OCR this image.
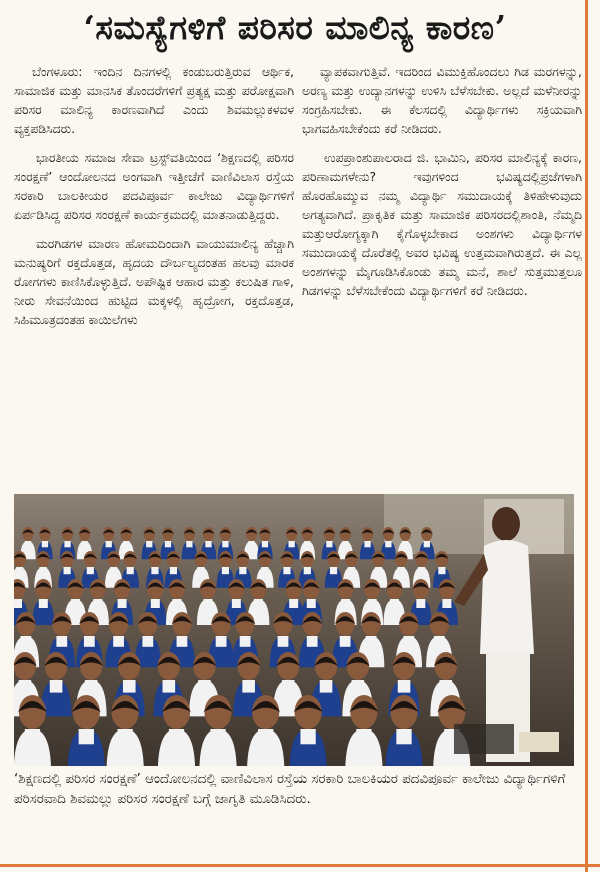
‘ಸಮಸ್ಯೆಗಳಿಗೆ ಪರಿಸರ ಮಾಲಿನ್ಯ ಕಾರಣ’

ಬೆಂಗಳೂರು: ಇಂದಿನ ದಿನಗಳಲ್ಲಿ ಕಂಡುಬರುತ್ತಿರುವ ಆರ್ಥಿಕ, ಸಾಮಾಜಿಕ ಮತ್ತು ಮಾನಸಿಕ ತೊಂದರೆಗಳಿಗೆ ಪ್ರತ್ಯಕ್ಷ ಮತ್ತು ಪರೋಕ್ಷವಾಗಿ ಪರಿಸರ ಮಾಲಿನ್ಯ ಕಾರಣವಾಗಿದೆ ಎಂದು ಶಿವಮಲ್ಲುಕಳವಳ ವ್ಯಕ್ತಪಡಿಸಿದರು.

ಭಾರತೀಯ ಸಮಾಜ ಸೇವಾ ಟ್ರಸ್ಟ್‌ವತಿಯಿಂದ ‘ಶಿಕ್ಷಣದಲ್ಲಿ ಪರಿಸರ ಸಂರಕ್ಷಣೆ’ ಆಂದೋಲನದ ಅಂಗವಾಗಿ ಇತ್ತೀಚೆಗೆ ವಾಣಿವಿಲಾಸ ರಸ್ತೆಯ ಸರಕಾರಿ ಬಾಲಕೀಯರ ಪದವಿಪೂರ್ವ ಕಾಲೇಜು ವಿದ್ಯಾರ್ಥಿಗಳಿಗೆ ಏರ್ಪಡಿಸಿದ್ದ ಪರಿಸರ ಸಂರಕ್ಷಣೆ ಕಾರ್ಯಕ್ರಮದಲ್ಲಿ ಮಾತನಾಡುತ್ತಿದ್ದರು.

ಮರಗಿಡಗಳ ಮಾರಣ ಹೋಮದಿಂದಾಗಿ ವಾಯುಮಾಲಿನ್ಯ ಹೆಚ್ಚಾಗಿ ಮನುಷ್ಯರಿಗೆ ರಕ್ತದೊತ್ತಡ, ಹೃದಯ ದೌರ್ಬಲ್ಯದಂತಹ ಹಲವು ಮಾರಕ ರೋಗಗಳು ಕಾಣಿಸಿಕೊಳ್ಳುತ್ತಿದೆ. ಅಪೌಷ್ಟಿಕ ಆಹಾರ ಮತ್ತು ಕಲುಷಿತ ಗಾಳಿ, ನೀರು ಸೇವನೆಯಿಂದ ಹುಟ್ಟಿದ ಮಕ್ಕಳಲ್ಲಿ ಹೃದ್ರೋಗ, ರಕ್ತದೊತ್ತಡ, ಸಿಹಿಮೂತ್ರದಂತಹ ಕಾಯಿಲೆಗಳು

ವ್ಯಾಪಕವಾಗುತ್ತಿವೆ. ಇದರಿಂದ ವಿಮುಕ್ತಿಹೊಂದಲು ಗಿಡ ಮರಗಳನ್ನು, ಅರಣ್ಯ ಮತ್ತು ಉದ್ಯಾನಗಳನ್ನು ಉಳಿಸಿ ಬೆಳೆಸಬೇಕು. ಅಲ್ಲದೆ ಮಳೆನೀರನ್ನು ಸಂಗ್ರಹಿಸಬೇಕು. ಈ ಕೆಲಸದಲ್ಲಿ ವಿದ್ಯಾರ್ಥಿಗಳು ಸಕ್ರಿಯವಾಗಿ ಭಾಗವಹಿಸಬೇಕೆಂದು ಕರೆ ನೀಡಿದರು.

ಉಪಪ್ರಾಂಶುಪಾಲರಾದ ಜಿ. ಭಾಮಿನಿ, ಪರಿಸರ ಮಾಲಿನ್ಯಕ್ಕೆ ಕಾರಣ, ಪರಿಣಾಮಗಳೇನು? ಇವುಗಳಿಂದ ಭವಿಷ್ಯದಲ್ಲಿಪ್ರಜೆಗಳಾಗಿ ಹೊರಹೊಮ್ಮುವ ನಮ್ಮ ವಿದ್ಯಾರ್ಥಿ ಸಮುದಾಯಕ್ಕೆ ತಿಳಿಹೇಳುವುದು ಅಗತ್ಯವಾಗಿದೆ. ಪ್ರಾಕೃತಿಕ ಮತ್ತು ಸಾಮಾಜಿಕ ಪರಿಸರದಲ್ಲಿಶಾಂತಿ, ನೆಮ್ಮದಿ ಮತ್ತುಆರೋಗ್ಯಕ್ಕಾಗಿ ಕೈಗೊಳ್ಳಬೇಕಾದ ಅಂಶಗಳು ವಿದ್ಯಾರ್ಥಿಗಳ ಸಮುದಾಯಕ್ಕೆ ದೊರೆತಲ್ಲಿ ಅವರ ಭವಿಷ್ಯ ಉತ್ತಮವಾಗಿರುತ್ತದೆ. ಈ ಎಲ್ಲ ಅಂಶಗಳನ್ನು ಮೈಗೂಡಿಸಿಕೊಂಡು ತಮ್ಮ ಮನೆ, ಶಾಲೆ ಸುತ್ತಮುತ್ತಲೂ ಗಿಡಗಳನ್ನು ಬೆಳೆಸಬೇಕೆಂದು ವಿದ್ಯಾರ್ಥಿಗಳಿಗೆ ಕರೆ ನೀಡಿದರು.

‘ಶಿಕ್ಷಣದಲ್ಲಿ ಪರಿಸರ ಸಂರಕ್ಷಣೆ’ ಆಂದೋಲನದಲ್ಲಿ ವಾಣಿವಿಲಾಸ ರಸ್ತೆಯ ಸರಕಾರಿ ಬಾಲಕಿಯರ ಪದವಿಪೂರ್ವ ಕಾಲೇಜು ವಿದ್ಯಾರ್ಥಿಗಳಿಗೆ ಪರಿಸರವಾದಿ ಶಿವಮಲ್ಲು ಪರಿಸರ ಸಂರಕ್ಷಣೆ ಬಗ್ಗೆ ಜಾಗೃತಿ ಮೂಡಿಸಿದರು.
